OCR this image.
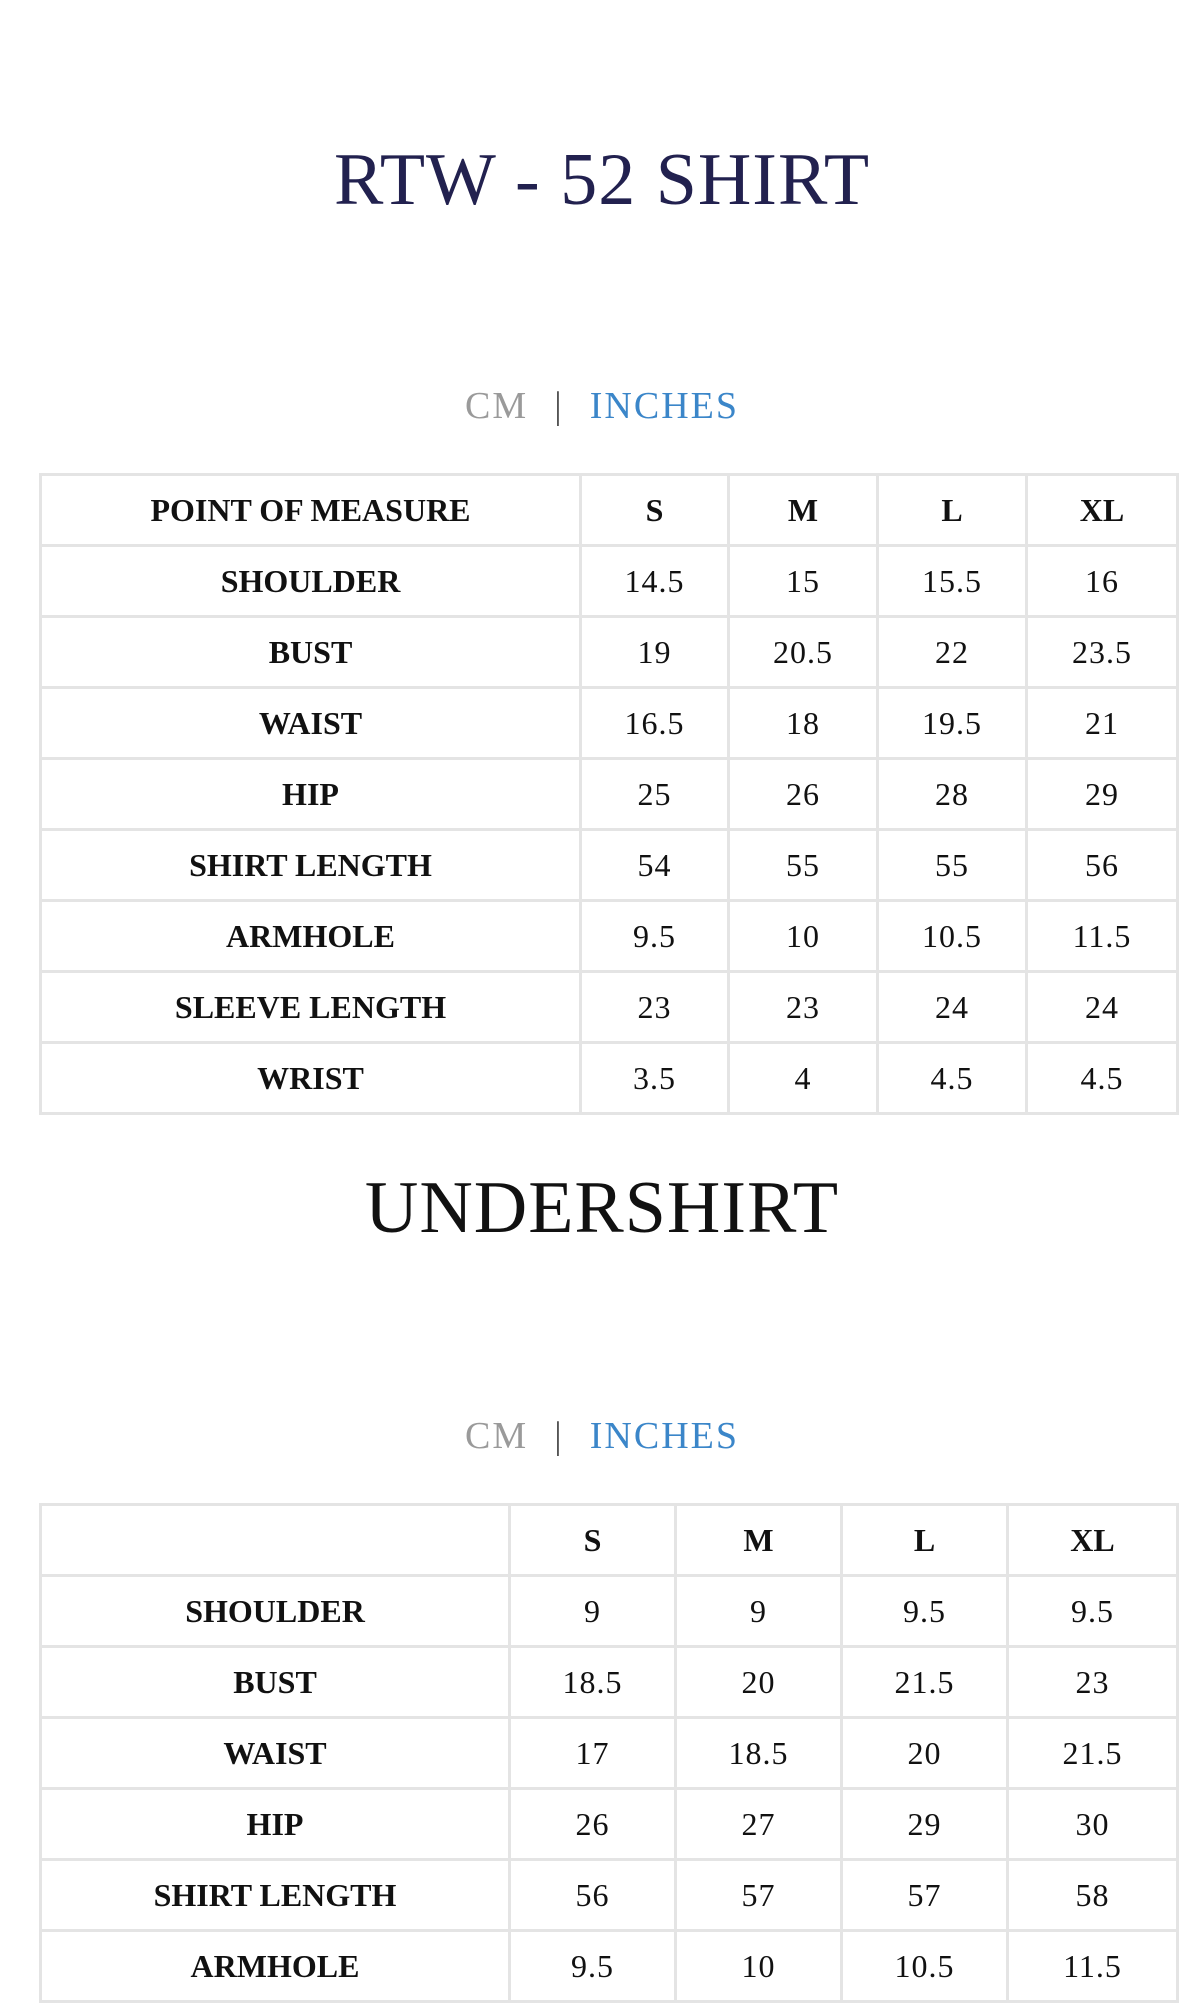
RTW - 52 SHIRT
CM | INCHES
POINT OF MEASURE	S	M	L	XL
SHOULDER	14.5	15	15.5	16
BUST	19	20.5	22	23.5
WAIST	16.5	18	19.5	21
HIP	25	26	28	29
SHIRT LENGTH	54	55	55	56
ARMHOLE	9.5	10	10.5	11.5
SLEEVE LENGTH	23	23	24	24
WRIST	3.5	4	4.5	4.5
UNDERSHIRT
CM | INCHES
	S	M	L	XL
SHOULDER	9	9	9.5	9.5
BUST	18.5	20	21.5	23
WAIST	17	18.5	20	21.5
HIP	26	27	29	30
SHIRT LENGTH	56	57	57	58
ARMHOLE	9.5	10	10.5	11.5
